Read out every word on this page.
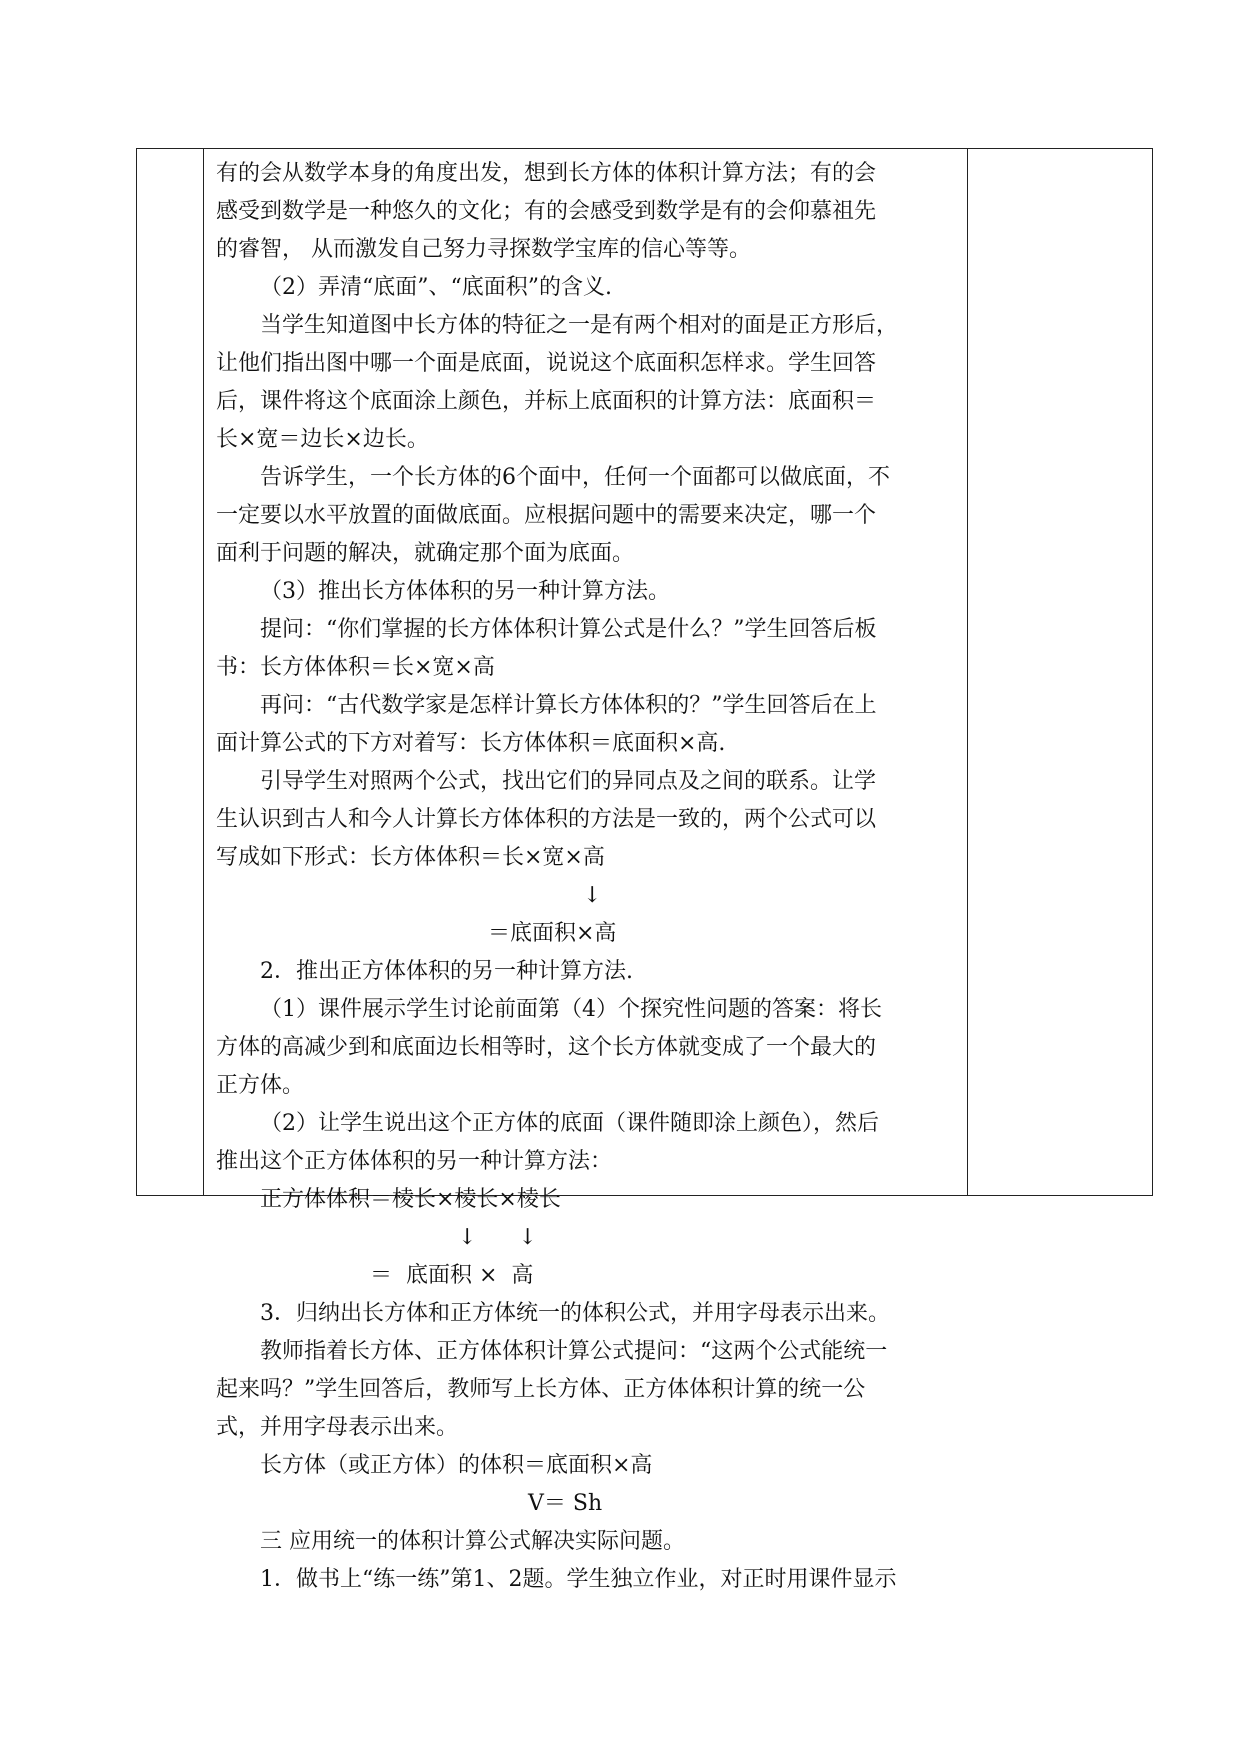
有的会从数学本身的角度出发，想到长方体的体积计算方法；有的会

感受到数学是一种悠久的文化；有的会感受到数学是有的会仰慕祖先

的睿智， 从而激发自己努力寻探数学宝库的信心等等。

（2）弄清“底面”、“底面积”的含义.

当学生知道图中长方体的特征之一是有两个相对的面是正方形后，

让他们指出图中哪一个面是底面，说说这个底面积怎样求。学生回答

后，课件将这个底面涂上颜色，并标上底面积的计算方法：底面积＝

长×宽＝边长×边长。

告诉学生，一个长方体的6个面中，任何一个面都可以做底面，不

一定要以水平放置的面做底面。应根据问题中的需要来决定，哪一个

面利于问题的解决，就确定那个面为底面。

（3）推出长方体体积的另一种计算方法。

提问：“你们掌握的长方体体积计算公式是什么？”学生回答后板

书：长方体体积＝长×宽×高

再问：“古代数学家是怎样计算长方体体积的？”学生回答后在上

面计算公式的下方对着写：长方体体积＝底面积×高.

引导学生对照两个公式，找出它们的异同点及之间的联系。让学

生认识到古人和今人计算长方体体积的方法是一致的，两个公式可以

写成如下形式：长方体体积＝长×宽×高

↓

＝底面积×高

2．推出正方体体积的另一种计算方法.

（1）课件展示学生讨论前面第（4）个探究性问题的答案：将长

方体的高减少到和底面边长相等时，这个长方体就变成了一个最大的

正方体。

（2）让学生说出这个正方体的底面（课件随即涂上颜色），然后

推出这个正方体体积的另一种计算方法：

正方体体积＝棱长×棱长×棱长

↓      ↓

＝  底面积 ×  高

3．归纳出长方体和正方体统一的体积公式，并用字母表示出来。

教师指着长方体、正方体体积计算公式提问：“这两个公式能统一

起来吗？”学生回答后，教师写上长方体、正方体体积计算的统一公

式，并用字母表示出来。

长方体（或正方体）的体积＝底面积×高

V＝ Sh

三 应用统一的体积计算公式解决实际问题。

1．做书上“练一练”第1、2题。学生独立作业，对正时用课件显示
